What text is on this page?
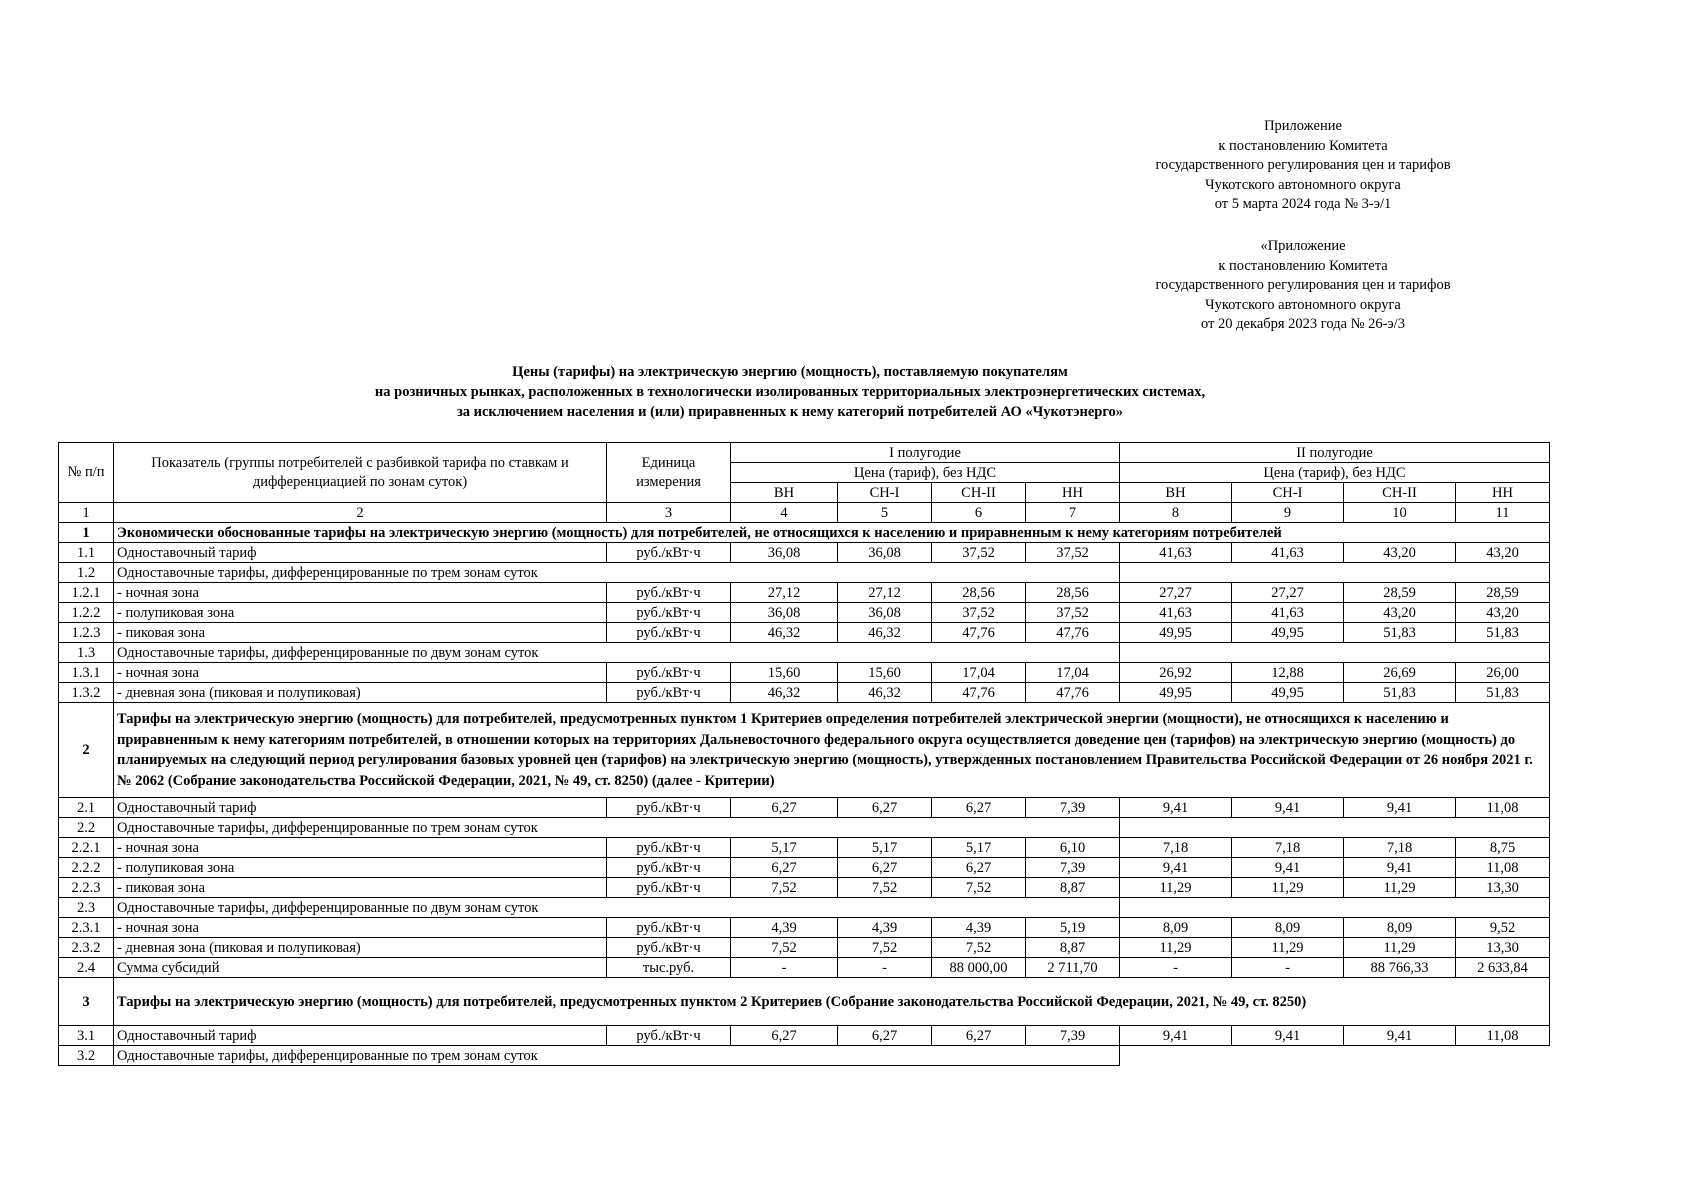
Приложение
к постановлению Комитета
государственного регулирования цен и тарифов
Чукотского автономного округа
от 5 марта 2024 года № 3-э/1
«Приложение
к постановлению Комитета
государственного регулирования цен и тарифов
Чукотского автономного округа
от 20 декабря 2023 года № 26-э/3
Цены (тарифы) на электрическую энергию (мощность), поставляемую покупателям
на розничных рынках, расположенных в технологически изолированных территориальных электроэнергетических системах,
за исключением населения и (или) приравненных к нему категорий потребителей АО «Чукотэнерго»
№ п/п	Показатель (группы потребителей с разбивкой тарифа по ставкам и дифференциацией по зонам суток)	Единица измерения	I полугодие				II полугодие			
			Цена (тариф), без НДС				Цена (тариф), без НДС			
			ВН	СН-I	СН-II	НН	ВН	СН-I	СН-II	НН
1	2	3	4	5	6	7	8	9	10	11
1	Экономически обоснованные тарифы на электрическую энергию (мощность) для потребителей, не относящихся к населению и приравненным к нему категориям потребителей									
1.1	Одноставочный тариф	руб./кВт·ч	36,08	36,08	37,52	37,52	41,63	41,63	43,20	43,20
1.2	Одноставочные тарифы, дифференцированные по трем зонам суток									
1.2.1	- ночная зона	руб./кВт·ч	27,12	27,12	28,56	28,56	27,27	27,27	28,59	28,59
1.2.2	- полупиковая зона	руб./кВт·ч	36,08	36,08	37,52	37,52	41,63	41,63	43,20	43,20
1.2.3	- пиковая зона	руб./кВт·ч	46,32	46,32	47,76	47,76	49,95	49,95	51,83	51,83
1.3	Одноставочные тарифы, дифференцированные по двум зонам суток									
1.3.1	- ночная зона	руб./кВт·ч	15,60	15,60	17,04	17,04	26,92	12,88	26,69	26,00
1.3.2	- дневная зона (пиковая и полупиковая)	руб./кВт·ч	46,32	46,32	47,76	47,76	49,95	49,95	51,83	51,83
2	Тарифы на электрическую энергию (мощность) для потребителей, предусмотренных пунктом 1 Критериев определения потребителей электрической энергии (мощности), не относящихся к населению и приравненным к нему категориям потребителей, в отношении которых на территориях Дальневосточного федерального округа осуществляется доведение цен (тарифов) на электрическую энергию (мощность) до планируемых на следующий период регулирования базовых уровней цен (тарифов) на электрическую энергию (мощность), утвержденных постановлением Правительства Российской Федерации от 26 ноября 2021 г. № 2062 (Собрание законодательства Российской Федерации, 2021, № 49, ст. 8250) (далее - Критерии)									
2.1	Одноставочный тариф	руб./кВт·ч	6,27	6,27	6,27	7,39	9,41	9,41	9,41	11,08
2.2	Одноставочные тарифы, дифференцированные по трем зонам суток									
2.2.1	- ночная зона	руб./кВт·ч	5,17	5,17	5,17	6,10	7,18	7,18	7,18	8,75
2.2.2	- полупиковая зона	руб./кВт·ч	6,27	6,27	6,27	7,39	9,41	9,41	9,41	11,08
2.2.3	- пиковая зона	руб./кВт·ч	7,52	7,52	7,52	8,87	11,29	11,29	11,29	13,30
2.3	Одноставочные тарифы, дифференцированные по двум зонам суток									
2.3.1	- ночная зона	руб./кВт·ч	4,39	4,39	4,39	5,19	8,09	8,09	8,09	9,52
2.3.2	- дневная зона (пиковая и полупиковая)	руб./кВт·ч	7,52	7,52	7,52	8,87	11,29	11,29	11,29	13,30
2.4	Сумма субсидий	тыс.руб.	-	-	88 000,00	2 711,70	-	-	88 766,33	2 633,84
3	Тарифы на электрическую энергию (мощность) для потребителей, предусмотренных пунктом 2 Критериев (Собрание законодательства Российской Федерации, 2021, № 49, ст. 8250)									
3.1	Одноставочный тариф	руб./кВт·ч	6,27	6,27	6,27	7,39	9,41	9,41	9,41	11,08
3.2	Одноставочные тарифы, дифференцированные по трем зонам суток									
